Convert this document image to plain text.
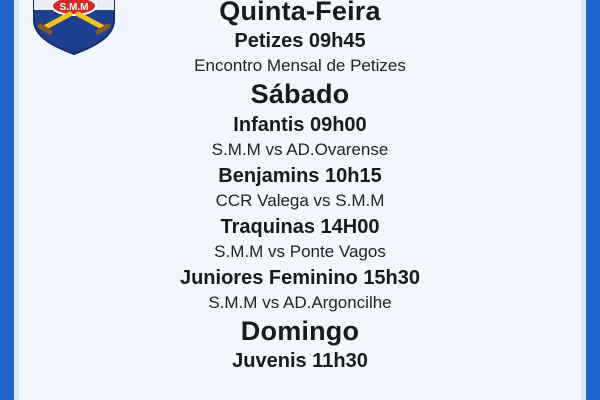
S.M.M	Quinta-Feira
Petizes 09h45
Encontro Mensal de Petizes
Sábado
Infantis 09h00
S.M.M vs AD.Ovarense
Benjamins 10h15
CCR Valega vs S.M.M
Traquinas 14H00
S.M.M vs Ponte Vagos
Juniores Feminino 15h30
S.M.M vs AD.Argoncilhe
Domingo
Juvenis 11h30
